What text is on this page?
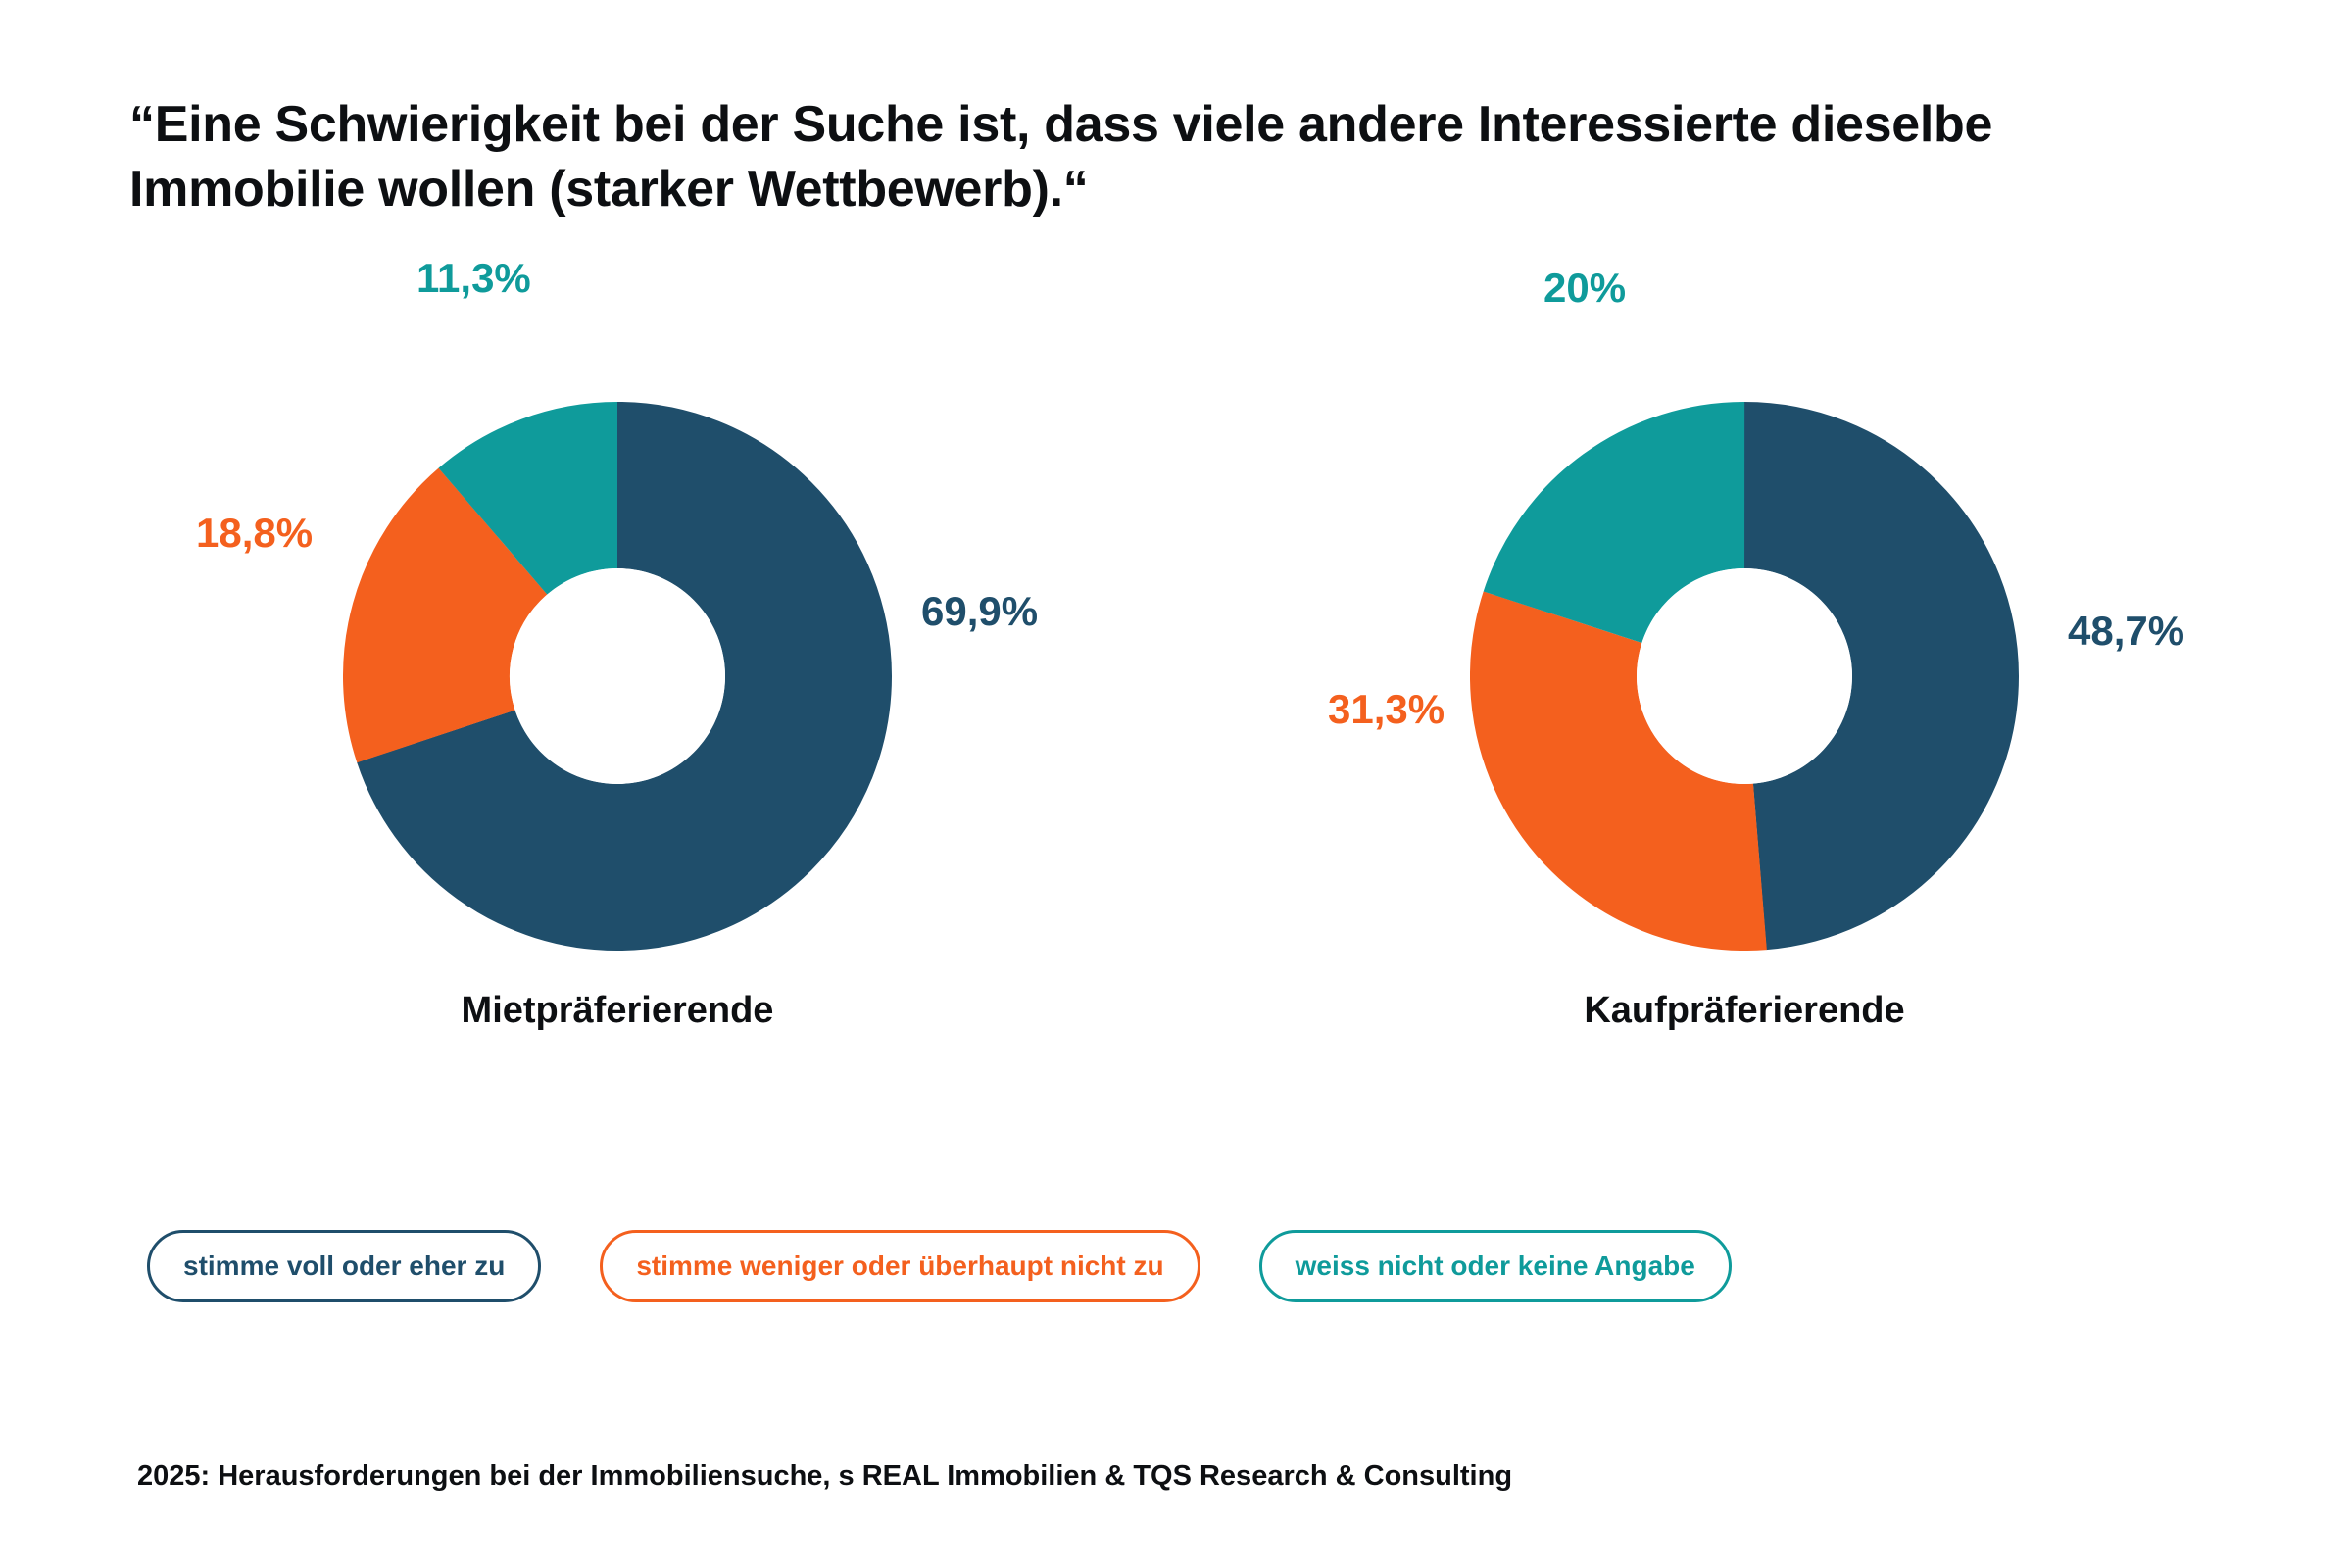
“Eine Schwierigkeit bei der Suche ist, dass viele andere Interessierte dieselbe Immobilie wollen (starker Wettbewerb).“
69,9%
18,8%
11,3%
Mietpräferierende
48,7%
31,3%
20%
Kaufpräferierende
stimme voll oder eher zu	stimme weniger oder überhaupt nicht zu	weiss nicht oder keine Angabe
2025: Herausforderungen bei der Immobiliensuche, s REAL Immobilien & TQS Research & Consulting
